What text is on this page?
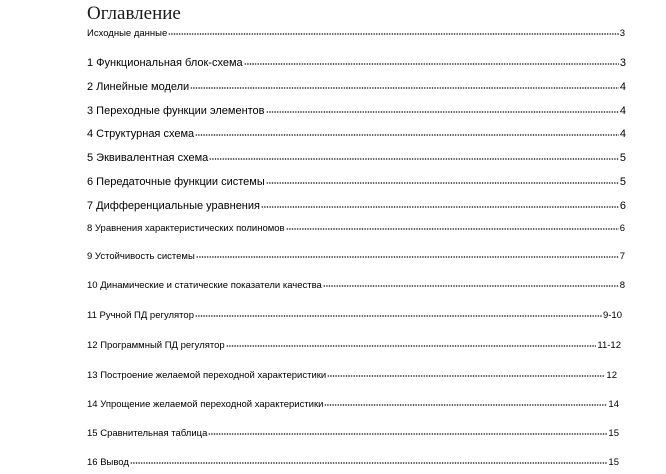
Оглавление
Исходные данные	3
1 Функциональная блок-схема	3
2 Линейные модели	4
3 Переходные функции элементов	4
4 Структурная схема	4
5 Эквивалентная схема	5
6 Передаточные функции системы	5
7 Дифференциальные уравнения	6
8 Уравнения характеристических полиномов	6
9 Устойчивость системы	7
10 Динамические и статические показатели качества	8
11 Ручной ПД регулятор	9-10
12 Программный ПД регулятор	11-12
13 Построение желаемой переходной характеристики	12
14 Упрощение желаемой переходной характеристики	14
15 Сравнительная таблица	15
16 Вывод	15
